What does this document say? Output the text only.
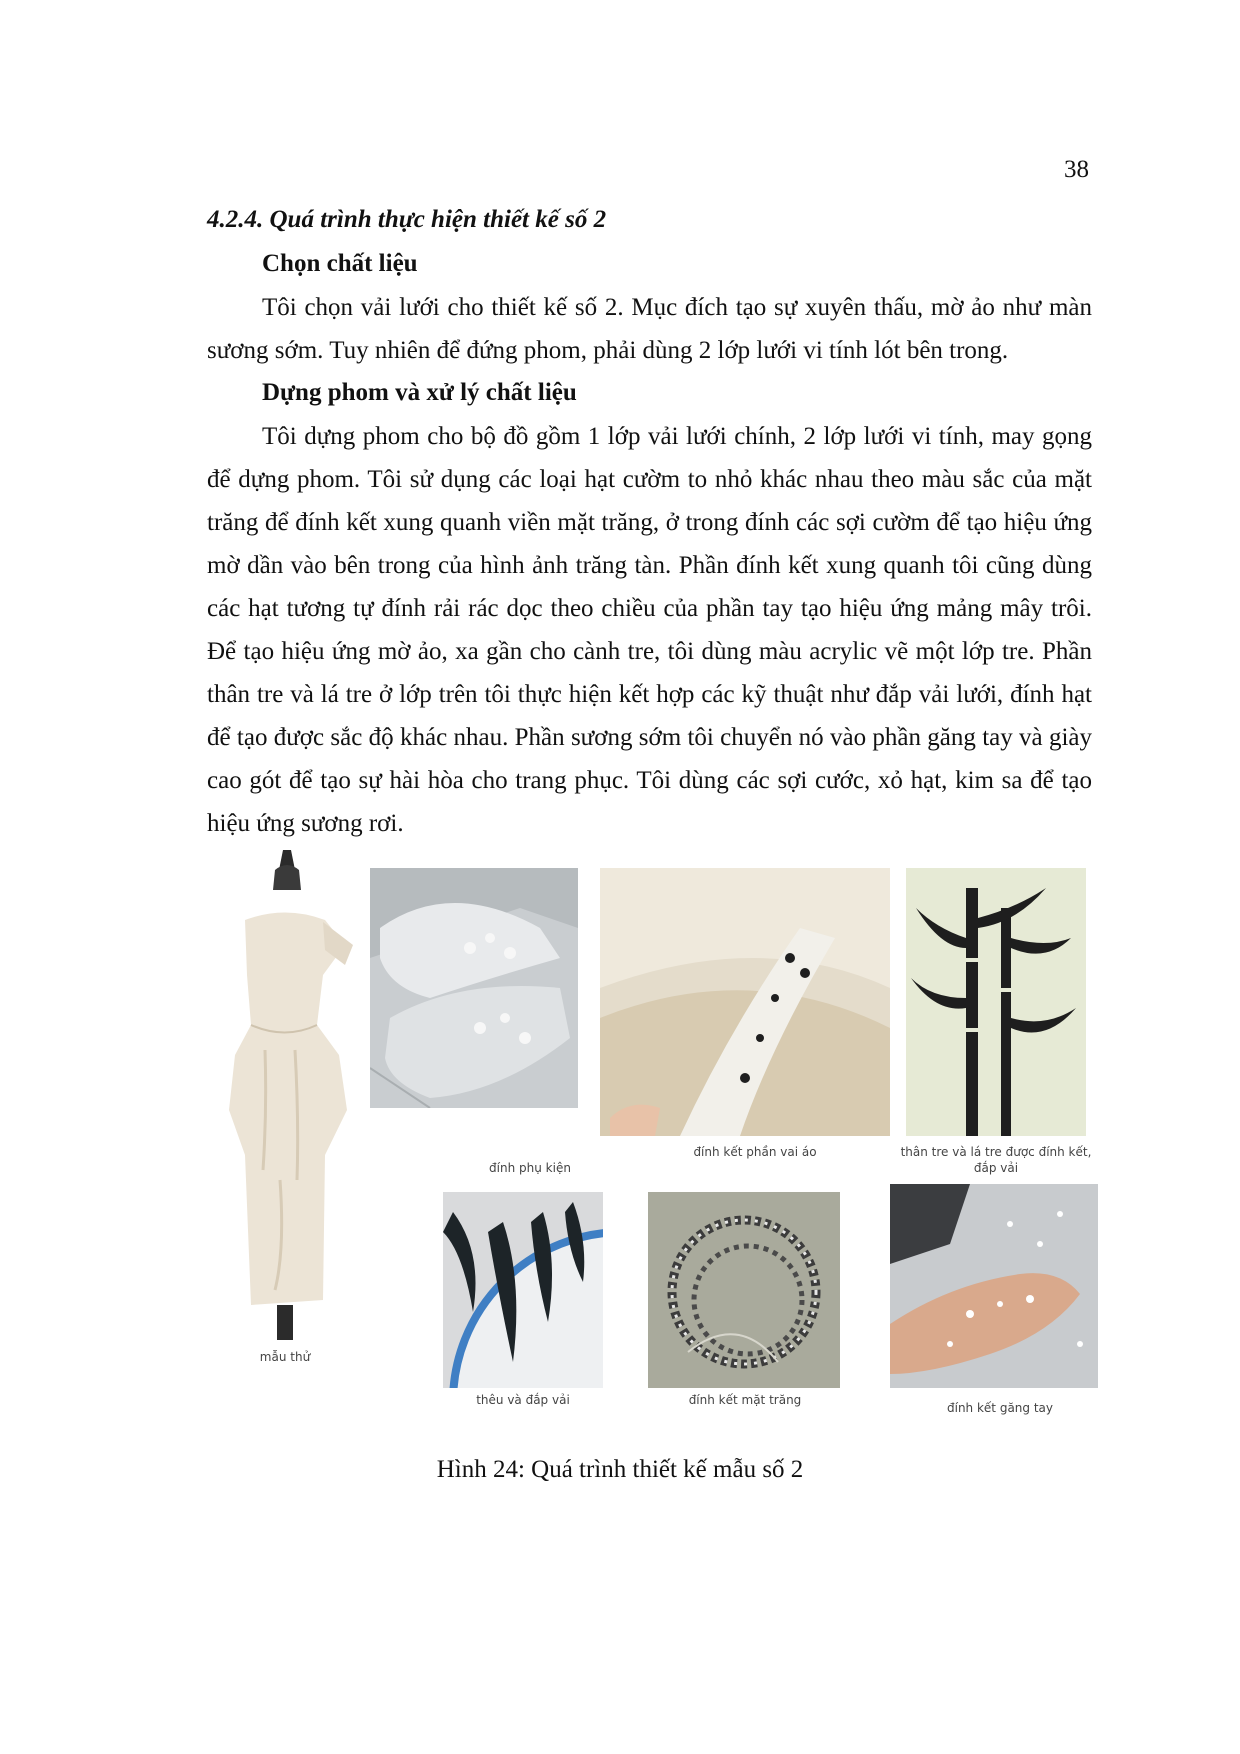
38
4.2.4. Quá trình thực hiện thiết kế số 2
Chọn chất liệu

Tôi chọn vải lưới cho thiết kế số 2. Mục đích tạo sự xuyên thấu, mờ ảo như màn sương sớm. Tuy nhiên để đứng phom, phải dùng 2 lớp lưới vi tính lót bên trong.

Dựng phom và xử lý chất liệu

Tôi dựng phom cho bộ đồ gồm 1 lớp vải lưới chính, 2 lớp lưới vi tính, may gọng để dựng phom. Tôi sử dụng các loại hạt cườm to nhỏ khác nhau theo màu sắc của mặt trăng để đính kết xung quanh viền mặt trăng, ở trong đính các sợi cườm để tạo hiệu ứng mờ dần vào bên trong của hình ảnh trăng tàn. Phần đính kết xung quanh tôi cũng dùng các hạt tương tự đính rải rác dọc theo chiều của phần tay tạo hiệu ứng mảng mây trôi. Để tạo hiệu ứng mờ ảo, xa gần cho cành tre, tôi dùng màu acrylic vẽ một lớp tre. Phần thân tre và lá tre ở lớp trên tôi thực hiện kết hợp các kỹ thuật như đắp vải lưới, đính hạt để tạo được sắc độ khác nhau. Phần sương sớm tôi chuyển nó vào phần găng tay và giày cao gót để tạo sự hài hòa cho trang phục. Tôi dùng các sợi cước, xỏ hạt, kim sa để tạo hiệu ứng sương rơi.

mẫu thử
đính phụ kiện
đính kết phần vai áo	thân tre và lá tre được đính kết, đắp vải
thêu và đắp vải	đính kết mặt trăng
đính kết găng tay
Hình 24: Quá trình thiết kế mẫu số 2
